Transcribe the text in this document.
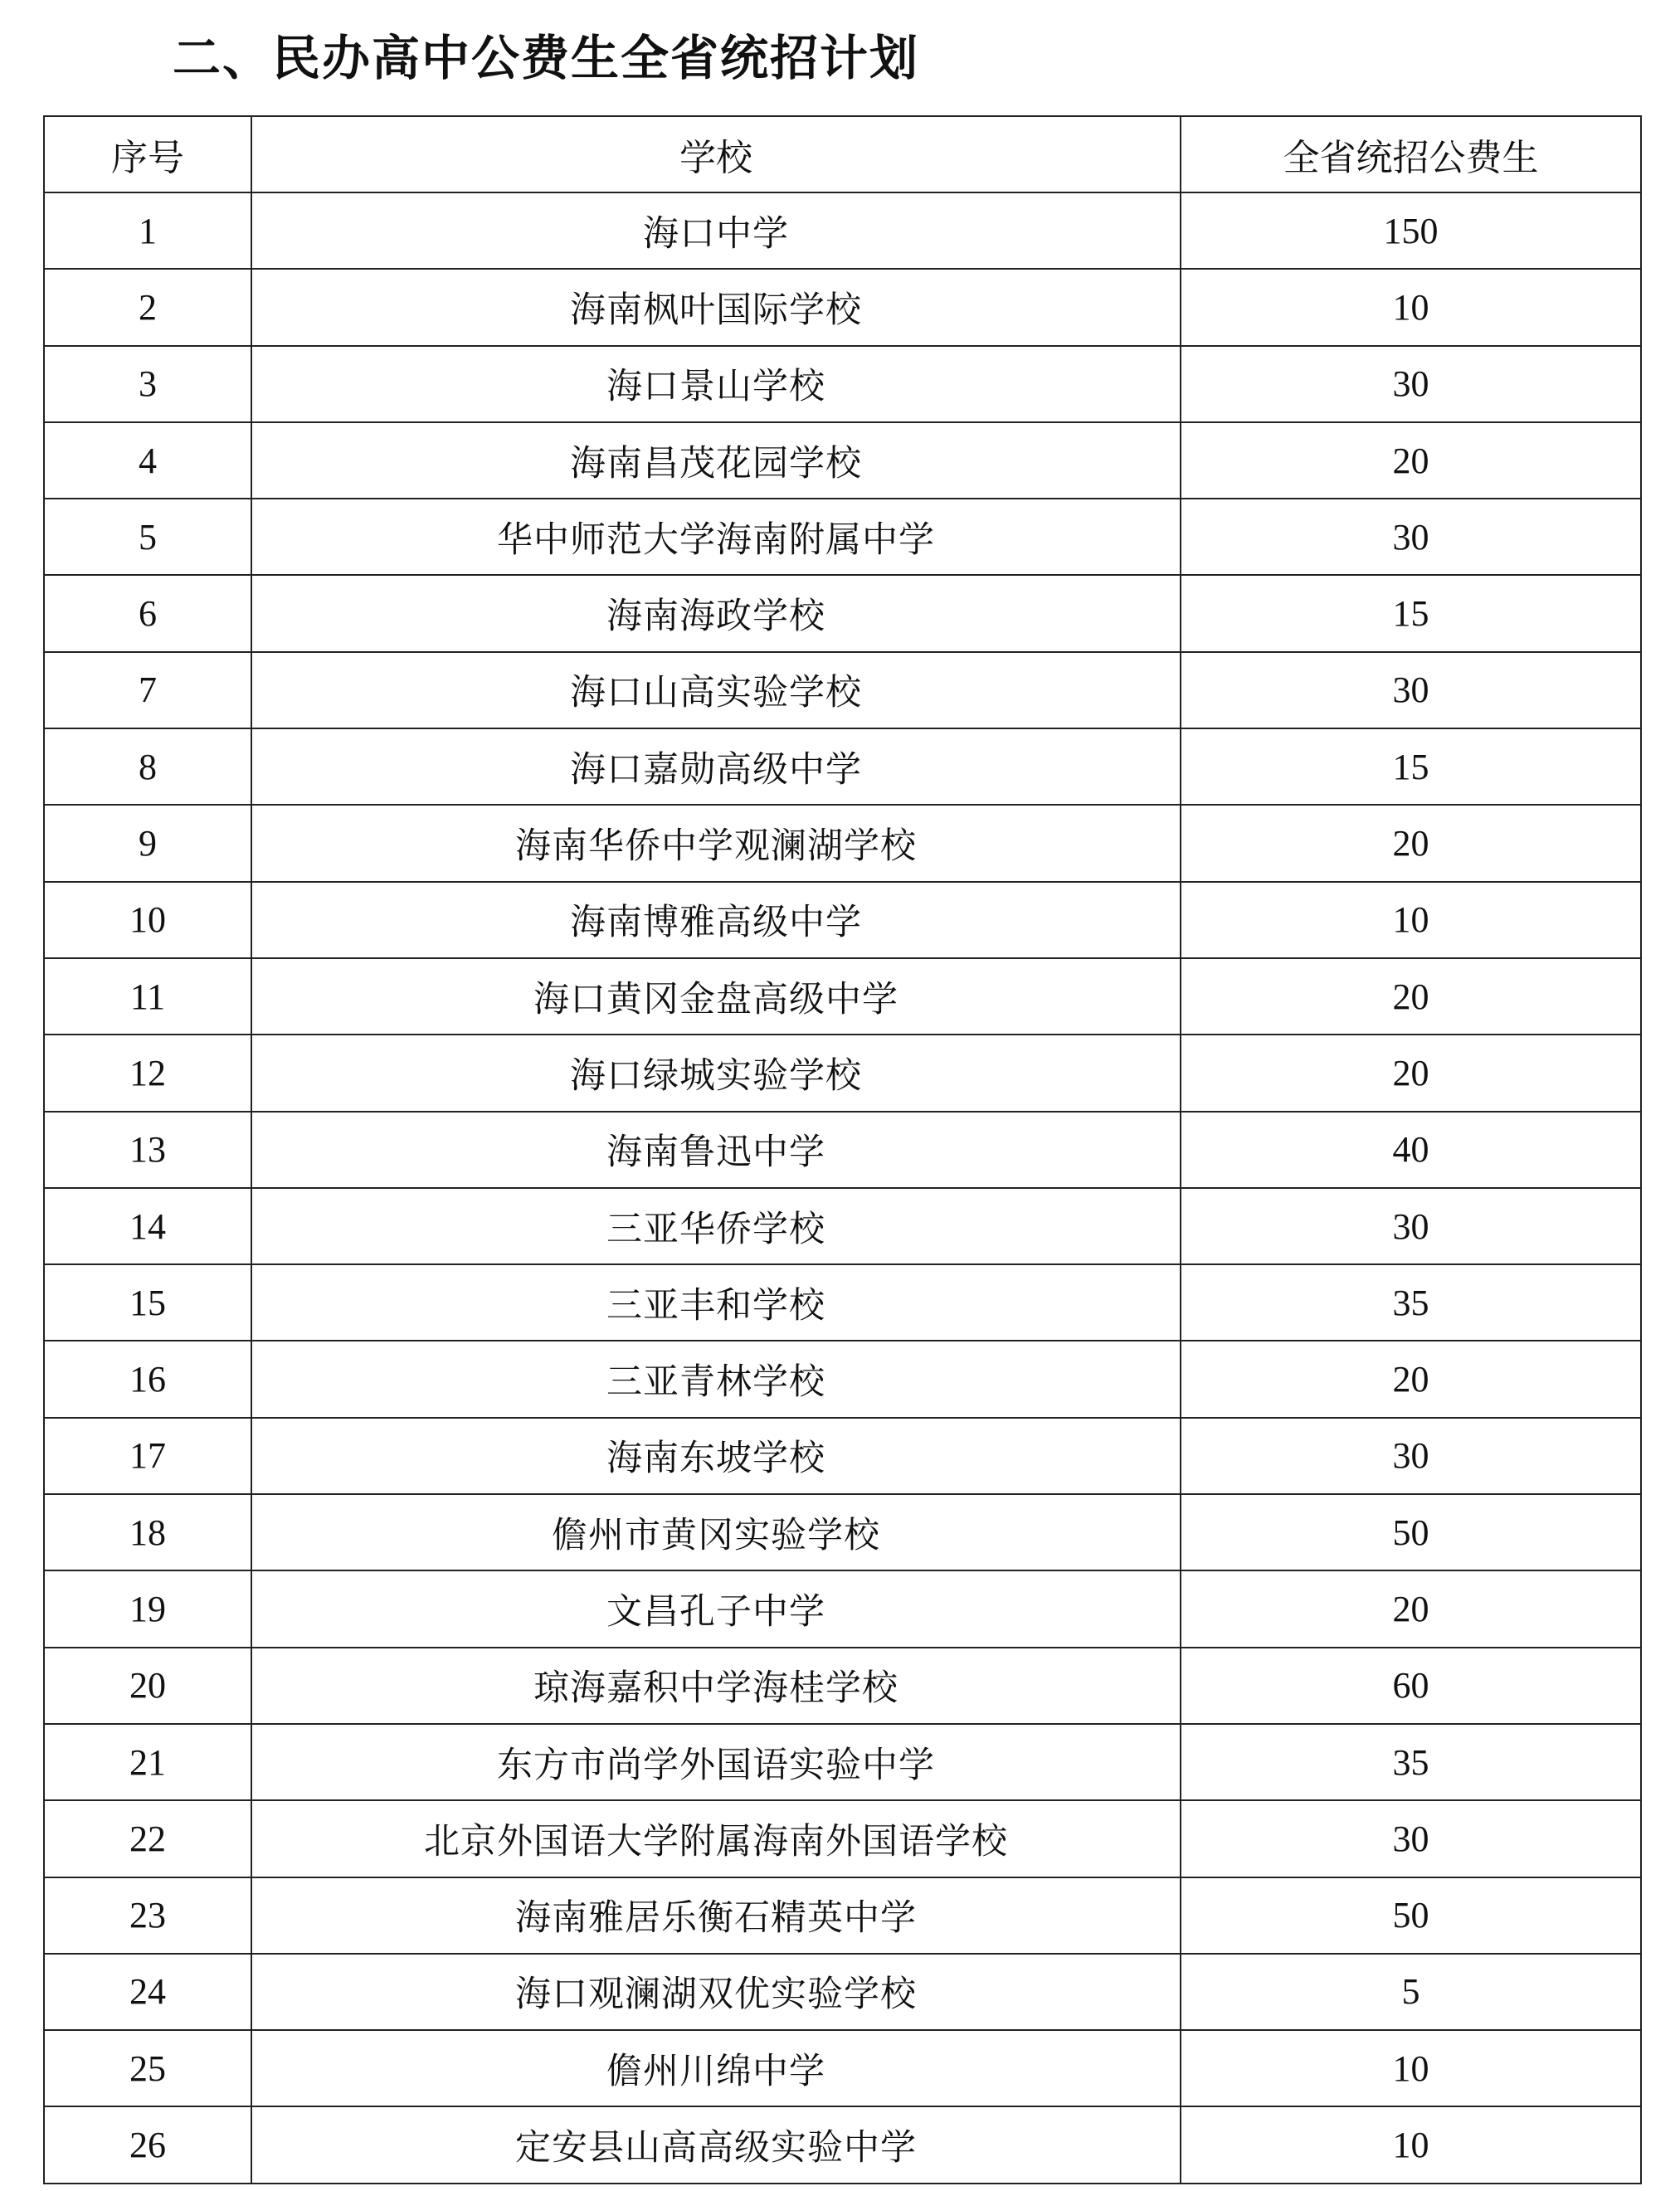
二、民办高中公费生全省统招计划
序号	学校	全省统招公费生
1	海口中学	150
2	海南枫叶国际学校	10
3	海口景山学校	30
4	海南昌茂花园学校	20
5	华中师范大学海南附属中学	30
6	海南海政学校	15
7	海口山高实验学校	30
8	海口嘉勋高级中学	15
9	海南华侨中学观澜湖学校	20
10	海南博雅高级中学	10
11	海口黄冈金盘高级中学	20
12	海口绿城实验学校	20
13	海南鲁迅中学	40
14	三亚华侨学校	30
15	三亚丰和学校	35
16	三亚青林学校	20
17	海南东坡学校	30
18	儋州市黄冈实验学校	50
19	文昌孔子中学	20
20	琼海嘉积中学海桂学校	60
21	东方市尚学外国语实验中学	35
22	北京外国语大学附属海南外国语学校	30
23	海南雅居乐衡石精英中学	50
24	海口观澜湖双优实验学校	5
25	儋州川绵中学	10
26	定安县山高高级实验中学	10
